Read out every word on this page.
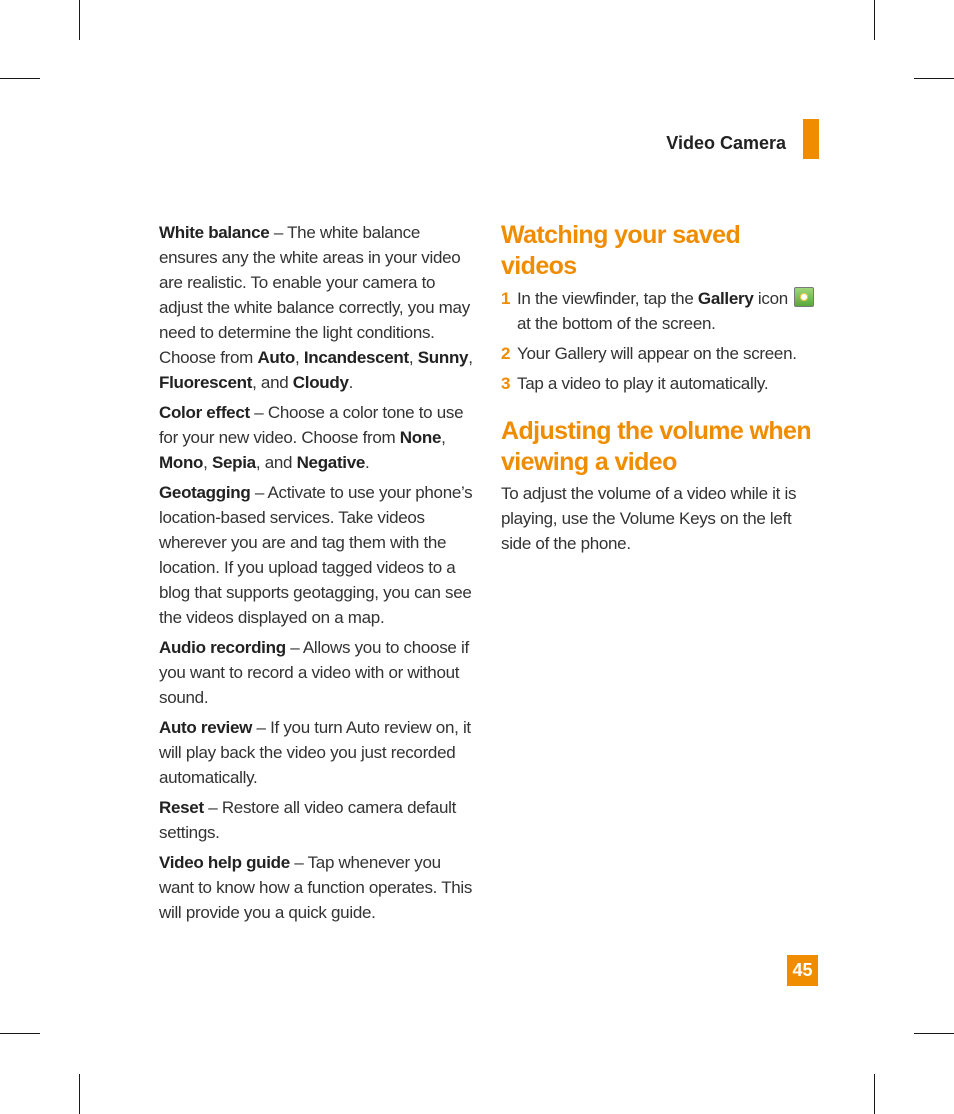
Video Camera

White balance – The white balance ensures any the white areas in your video are realistic. To enable your camera to adjust the white balance correctly, you may need to determine the light conditions. Choose from Auto, Incandescent, Sunny, Fluorescent, and Cloudy.

Color effect – Choose a color tone to use for your new video. Choose from None, Mono, Sepia, and Negative.

Geotagging – Activate to use your phone’s location-based services. Take videos wherever you are and tag them with the location. If you upload tagged videos to a blog that supports geotagging, you can see the videos displayed on a map.

Audio recording – Allows you to choose if you want to record a video with or without sound.

Auto review – If you turn Auto review on, it will play back the video you just recorded automatically.

Reset – Restore all video camera default settings.

Video help guide – Tap whenever you want to know how a function operates. This will provide you a quick guide.

Watching your saved videos
1 In the viewfinder, tap the Gallery icon  at the bottom of the screen.
2 Your Gallery will appear on the screen.
3 Tap a video to play it automatically.
Adjusting the volume when viewing a video
To adjust the volume of a video while it is playing, use the Volume Keys on the left side of the phone.
45
